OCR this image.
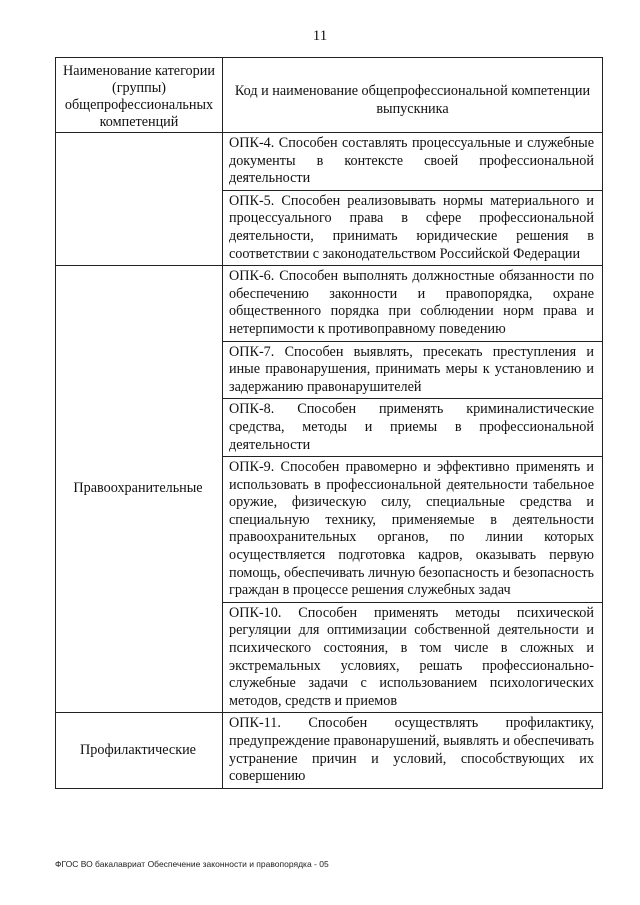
11
Наименование категории (группы) общепрофессиональных компетенций	Код и наименование общепрофессиональной компетенции выпускника
	ОПК-4. Способен составлять процессуальные и служебные документы в контексте своей профессиональной деятельности
	ОПК-5. Способен реализовывать нормы материального и процессуального права в сфере профессиональной деятельности, принимать юридические решения в соответствии с законодательством Российской Федерации
Правоохранительные	ОПК-6. Способен выполнять должностные обязанности по обеспечению законности и правопорядка, охране общественного порядка при соблюдении норм права и нетерпимости к противоправному поведению
	ОПК-7. Способен выявлять, пресекать преступления и иные правонарушения, принимать меры к установлению и задержанию правонарушителей
	ОПК-8. Способен применять криминалистические средства, методы и приемы в профессиональной деятельности
	ОПК-9. Способен правомерно и эффективно применять и использовать в профессиональной деятельности табельное оружие, физическую силу, специальные средства и специальную технику, применяемые в деятельности правоохранительных органов, по линии которых осуществляется подготовка кадров, оказывать первую помощь, обеспечивать личную безопасность и безопасность граждан в процессе решения служебных задач
	ОПК-10. Способен применять методы психической регуляции для оптимизации собственной деятельности и психического состояния, в том числе в сложных и экстремальных условиях, решать профессионально-служебные задачи с использованием психологических методов, средств и приемов
Профилактические	ОПК-11. Способен осуществлять профилактику, предупреждение правонарушений, выявлять и обеспечивать устранение причин и условий, способствующих их совершению
ФГОС ВО бакалавриат Обеспечение законности и правопорядка - 05
